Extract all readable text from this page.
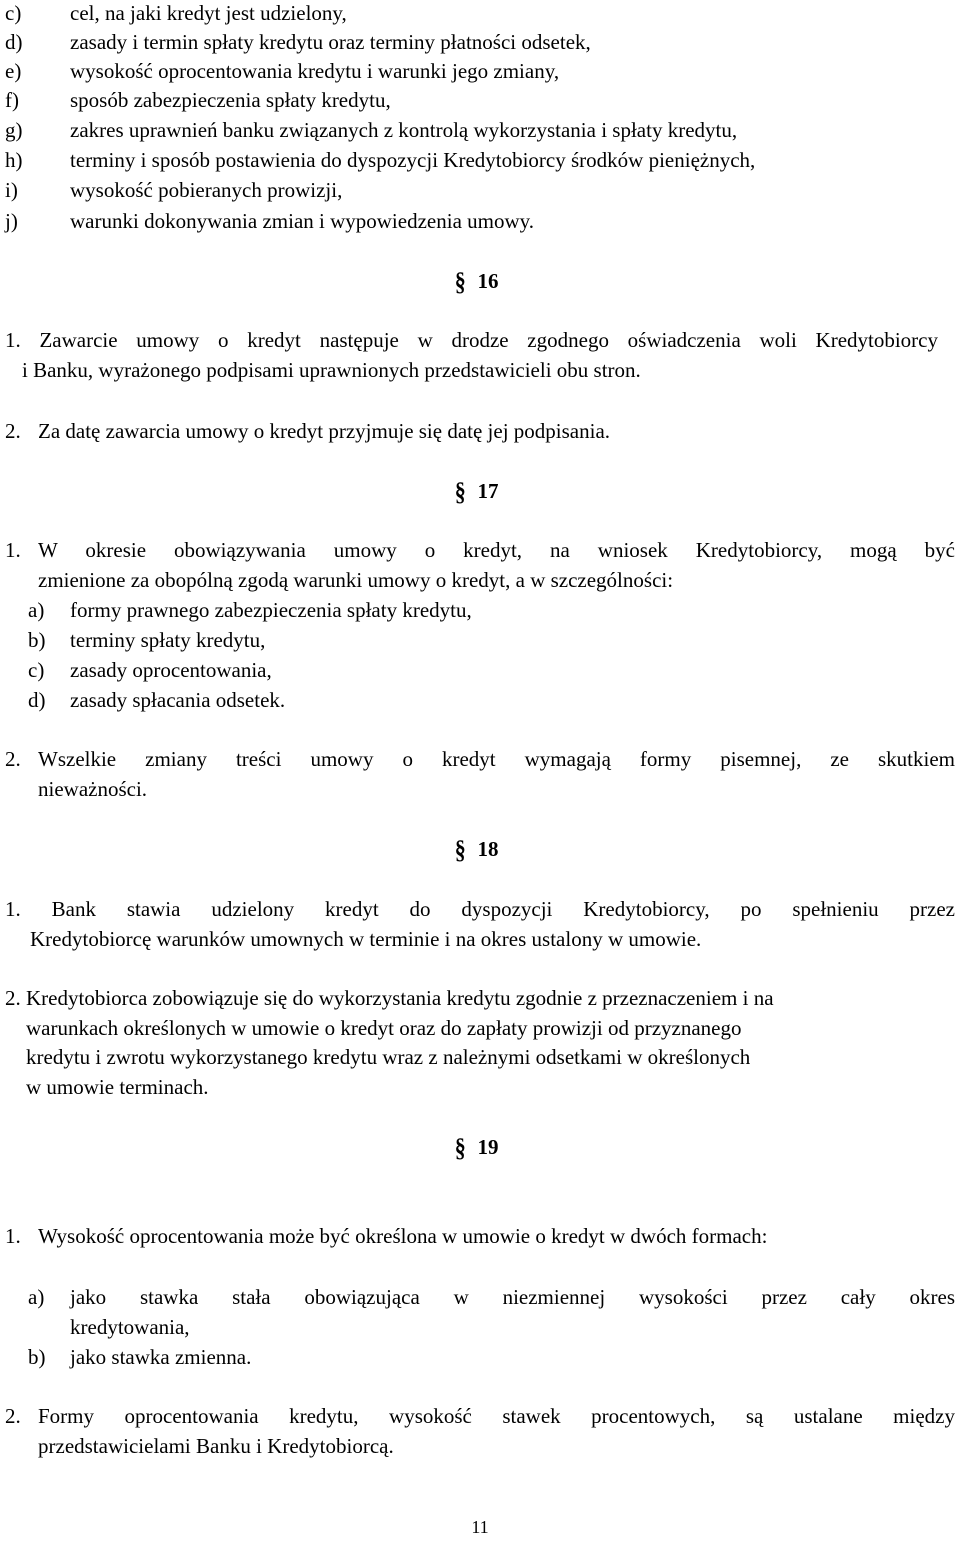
c) cel, na jaki kredyt jest udzielony,
d) zasady i termin spłaty kredytu oraz terminy płatności odsetek,
e) wysokość oprocentowania kredytu i warunki jego zmiany,
f) sposób zabezpieczenia spłaty kredytu,
g) zakres uprawnień banku związanych z kontrolą wykorzystania i spłaty kredytu,
h) terminy i sposób postawienia do dyspozycji Kredytobiorcy środków pieniężnych,
i) wysokość pobieranych prowizji,
j) warunki dokonywania zmian i wypowiedzenia umowy.
§ 16
1. Zawarcie umowy o kredyt następuje w drodze zgodnego oświadczenia woli Kredytobiorcy
i Banku, wyrażonego podpisami uprawnionych przedstawicieli obu stron.
2. Za datę zawarcia umowy o kredyt przyjmuje się datę jej podpisania.
§ 17
1. W okresie obowiązywania umowy o kredyt, na wniosek Kredytobiorcy, mogą być
zmienione za obopólną zgodą warunki umowy o kredyt, a w szczególności:
a) formy prawnego zabezpieczenia spłaty kredytu,
b) terminy spłaty kredytu,
c) zasady oprocentowania,
d) zasady spłacania odsetek.
2. Wszelkie zmiany treści umowy o kredyt wymagają formy pisemnej, ze skutkiem
nieważności.
§ 18
1. Bank stawia udzielony kredyt do dyspozycji Kredytobiorcy, po spełnieniu przez
Kredytobiorcę warunków umownych w terminie i na okres ustalony w umowie.
2. Kredytobiorca zobowiązuje się do wykorzystania kredytu zgodnie z przeznaczeniem i na
warunkach określonych w umowie o kredyt oraz do zapłaty prowizji od przyznanego
kredytu i zwrotu wykorzystanego kredytu wraz z należnymi odsetkami w określonych
w umowie terminach.
§ 19
1. Wysokość oprocentowania może być określona w umowie o kredyt w dwóch formach:
a) jako stawka stała obowiązująca w niezmiennej wysokości przez cały okres
kredytowania,
b) jako stawka zmienna.
2. Formy oprocentowania kredytu, wysokość stawek procentowych, są ustalane między
przedstawicielami Banku i Kredytobiorcą.
11
